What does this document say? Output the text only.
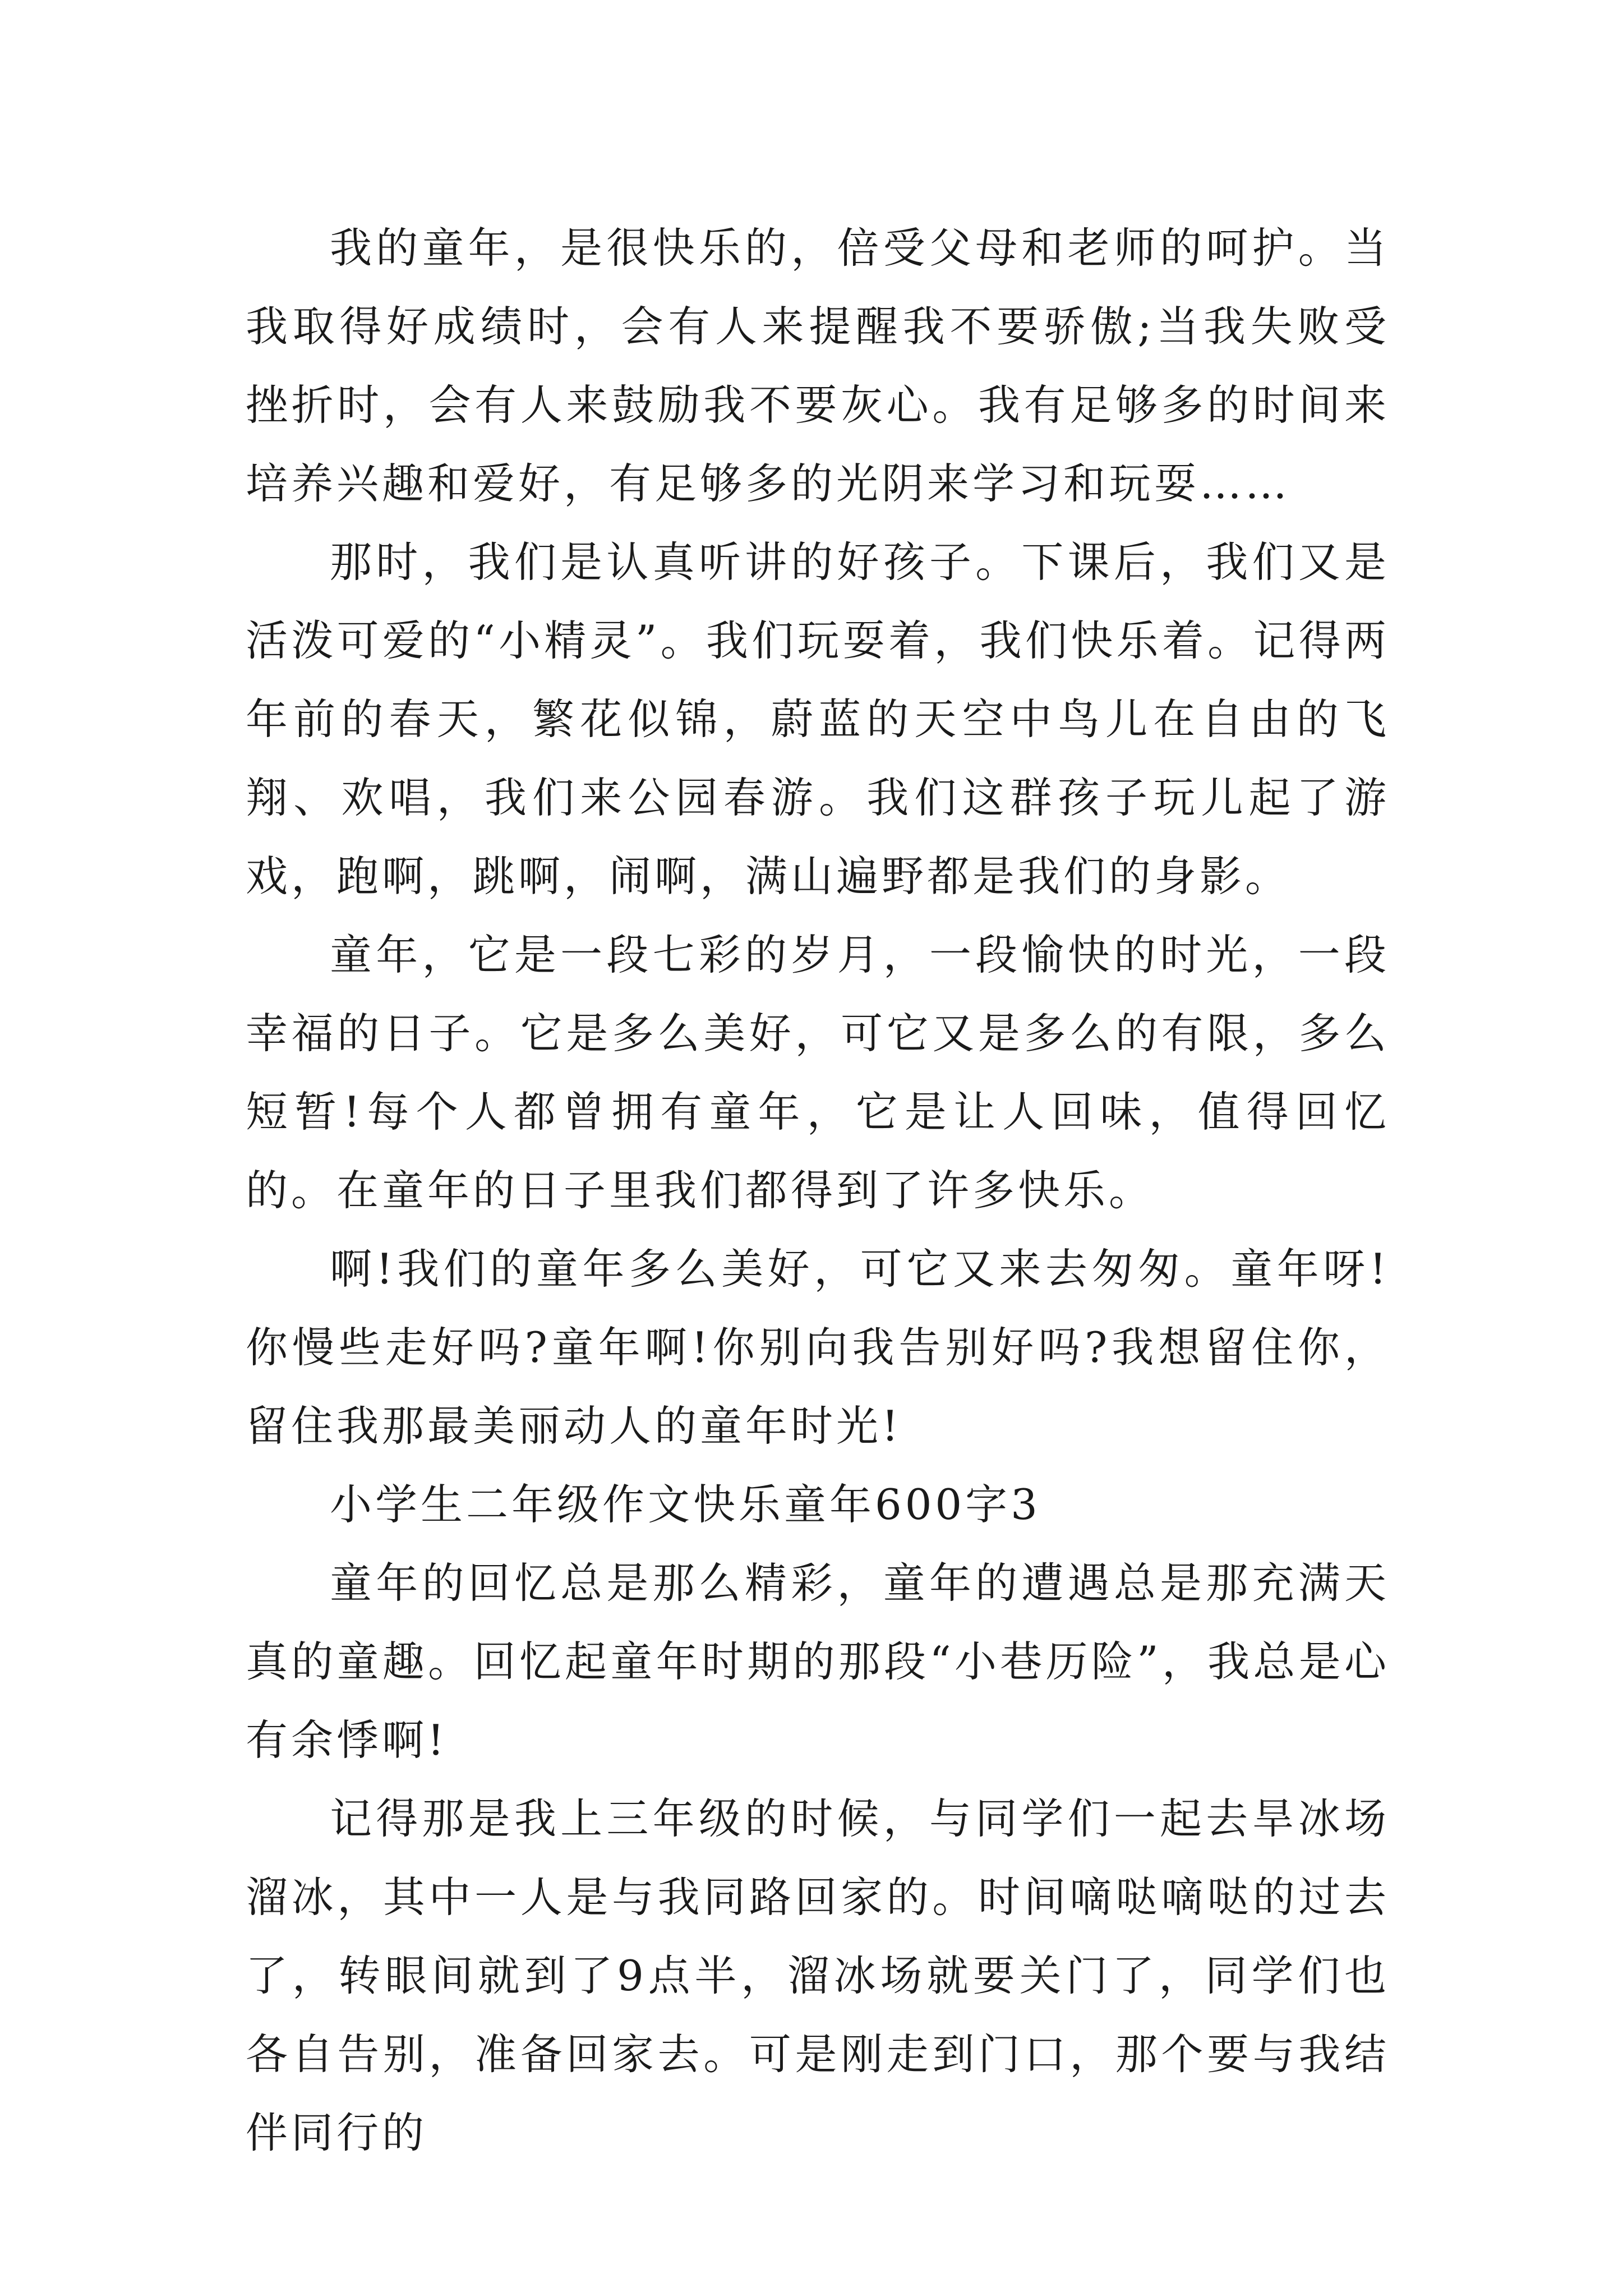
我的童年，是很快乐的，倍受父母和老师的呵护。当我取得好成绩时，会有人来提醒我不要骄傲;当我失败受挫折时，会有人来鼓励我不要灰心。我有足够多的时间来培养兴趣和爱好，有足够多的光阴来学习和玩耍……

那时，我们是认真听讲的好孩子。下课后，我们又是活泼可爱的“小精灵”。我们玩耍着，我们快乐着。记得两年前的春天，繁花似锦，蔚蓝的天空中鸟儿在自由的飞翔、欢唱，我们来公园春游。我们这群孩子玩儿起了游戏，跑啊，跳啊，闹啊，满山遍野都是我们的身影。

童年，它是一段七彩的岁月，一段愉快的时光，一段幸福的日子。它是多么美好，可它又是多么的有限，多么短暂!每个人都曾拥有童年，它是让人回味，值得回忆的。在童年的日子里我们都得到了许多快乐。

啊!我们的童年多么美好，可它又来去匆匆。童年呀!你慢些走好吗?童年啊!你别向我告别好吗?我想留住你，留住我那最美丽动人的童年时光!

小学生二年级作文快乐童年600字3

童年的回忆总是那么精彩，童年的遭遇总是那充满天真的童趣。回忆起童年时期的那段“小巷历险”，我总是心有余悸啊!

记得那是我上三年级的时候，与同学们一起去旱冰场溜冰，其中一人是与我同路回家的。时间嘀哒嘀哒的过去了，转眼间就到了9点半，溜冰场就要关门了，同学们也各自告别，准备回家去。可是刚走到门口，那个要与我结伴同行的
